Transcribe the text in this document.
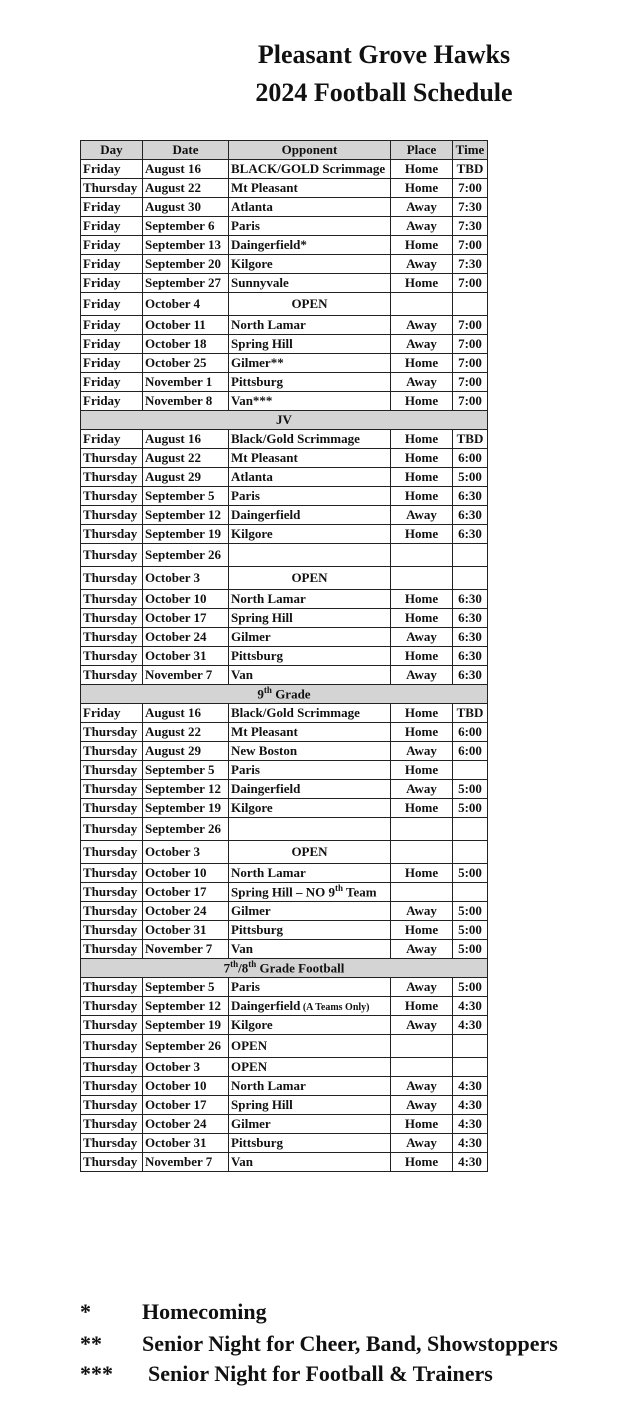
Pleasant Grove Hawks
2024 Football Schedule
Day	Date	Opponent	Place	Time
Friday	August 16	BLACK/GOLD Scrimmage	Home	TBD
Thursday	August 22	Mt Pleasant	Home	7:00
Friday	August 30	Atlanta	Away	7:30
Friday	September 6	Paris	Away	7:30
Friday	September 13	Daingerfield*	Home	7:00
Friday	September 20	Kilgore	Away	7:30
Friday	September 27	Sunnyvale	Home	7:00
Friday	October 4	OPEN		
Friday	October 11	North Lamar	Away	7:00
Friday	October 18	Spring Hill	Away	7:00
Friday	October 25	Gilmer**	Home	7:00
Friday	November 1	Pittsburg	Away	7:00
Friday	November 8	Van***	Home	7:00
JV				
Friday	August 16	Black/Gold Scrimmage	Home	TBD
Thursday	August 22	Mt Pleasant	Home	6:00
Thursday	August 29	Atlanta	Home	5:00
Thursday	September 5	Paris	Home	6:30
Thursday	September 12	Daingerfield	Away	6:30
Thursday	September 19	Kilgore	Home	6:30
Thursday	September 26			
Thursday	October 3	OPEN		
Thursday	October 10	North Lamar	Home	6:30
Thursday	October 17	Spring Hill	Home	6:30
Thursday	October 24	Gilmer	Away	6:30
Thursday	October 31	Pittsburg	Home	6:30
Thursday	November 7	Van	Away	6:30
9th Grade				
Friday	August 16	Black/Gold Scrimmage	Home	TBD
Thursday	August 22	Mt Pleasant	Home	6:00
Thursday	August 29	New Boston	Away	6:00
Thursday	September 5	Paris	Home	
Thursday	September 12	Daingerfield	Away	5:00
Thursday	September 19	Kilgore	Home	5:00
Thursday	September 26			
Thursday	October 3	OPEN		
Thursday	October 10	North Lamar	Home	5:00
Thursday	October 17	Spring Hill – NO 9th Team		
Thursday	October 24	Gilmer	Away	5:00
Thursday	October 31	Pittsburg	Home	5:00
Thursday	November 7	Van	Away	5:00
7th/8th Grade Football				
Thursday	September 5	Paris	Away	5:00
Thursday	September 12	Daingerfield (A Teams Only)	Home	4:30
Thursday	September 19	Kilgore	Away	4:30
Thursday	September 26	OPEN		
Thursday	October 3	OPEN		
Thursday	October 10	North Lamar	Away	4:30
Thursday	October 17	Spring Hill	Away	4:30
Thursday	October 24	Gilmer	Home	4:30
Thursday	October 31	Pittsburg	Away	4:30
Thursday	November 7	Van	Home	4:30
*	Homecoming
**	Senior Night for Cheer, Band, Showstoppers
***	Senior Night for Football & Trainers
